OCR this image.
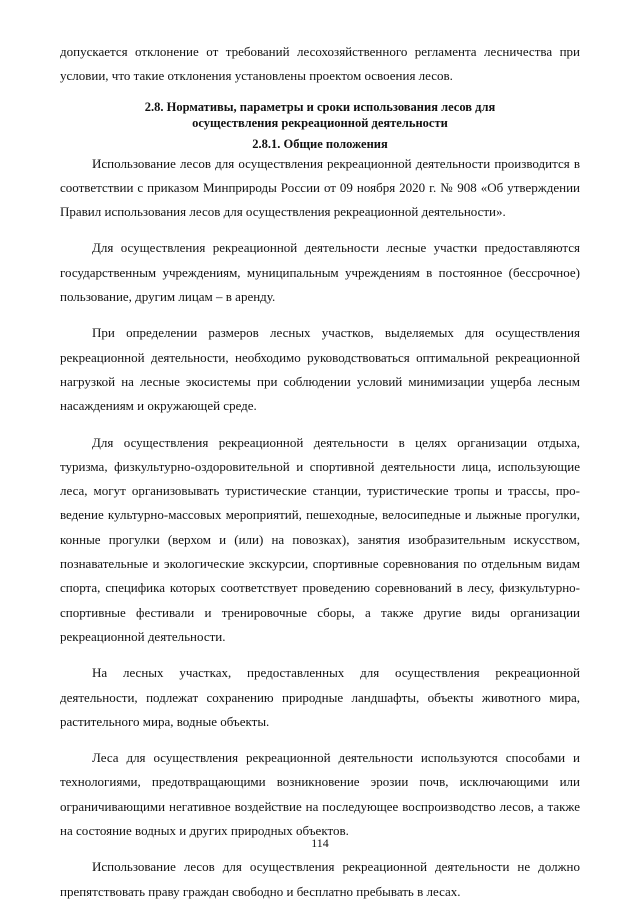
допускается отклонение от требований лесохозяйственного регламента лесничества при условии, что такие отклонения установлены проектом освоения лесов.

2.8. Нормативы, параметры и сроки использования лесов для
осуществления рекреационной деятельности
2.8.1. Общие положения

Использование лесов для осуществления рекреационной деятельности производится в соответствии с приказом Минприроды России от 09 ноября 2020 г. № 908 «Об утверждении Правил использования лесов для осуществления рекреационной деятельности».

Для осуществления рекреационной деятельности лесные участки предоставляются государственным учреждениям, муниципальным учреждениям в постоянное (бессрочное) пользование, другим лицам – в аренду.

При определении размеров лесных участков, выделяемых для осуществления рекреационной деятельности, необходимо руководствоваться оптимальной рекреационной нагрузкой на лесные экосистемы при соблюдении условий минимизации ущерба лесным насаждениям и окружающей среде.

Для осуществления рекреационной деятельности в целях организации отдыха, туризма, физкультурно-оздоровительной и спортивной деятельности лица, использующие леса, могут организовывать туристические станции, туристические тропы и трассы, про-ведение культурно-массовых мероприятий, пешеходные, велосипедные и лыжные прогулки, конные прогулки (верхом и (или) на повозках), занятия изобразительным искусством, познавательные и экологические экскурсии, спортивные соревнования по отдельным видам спорта, специфика которых соответствует проведению соревнований в лесу, физкультурно-спортивные фестивали и тренировочные сборы, а также другие виды организации рекреационной деятельности.

На лесных участках, предоставленных для осуществления рекреационной деятельности, подлежат сохранению природные ландшафты, объекты животного мира, растительного мира, водные объекты.

Леса для осуществления рекреационной деятельности используются способами и технологиями, предотвращающими возникновение эрозии почв, исключающими или ограничивающими негативное воздействие на последующее воспроизводство лесов, а также на состояние водных и других природных объектов.

Использование лесов для осуществления рекреационной деятельности не должно препятствовать праву граждан свободно и бесплатно пребывать в лесах.

114
